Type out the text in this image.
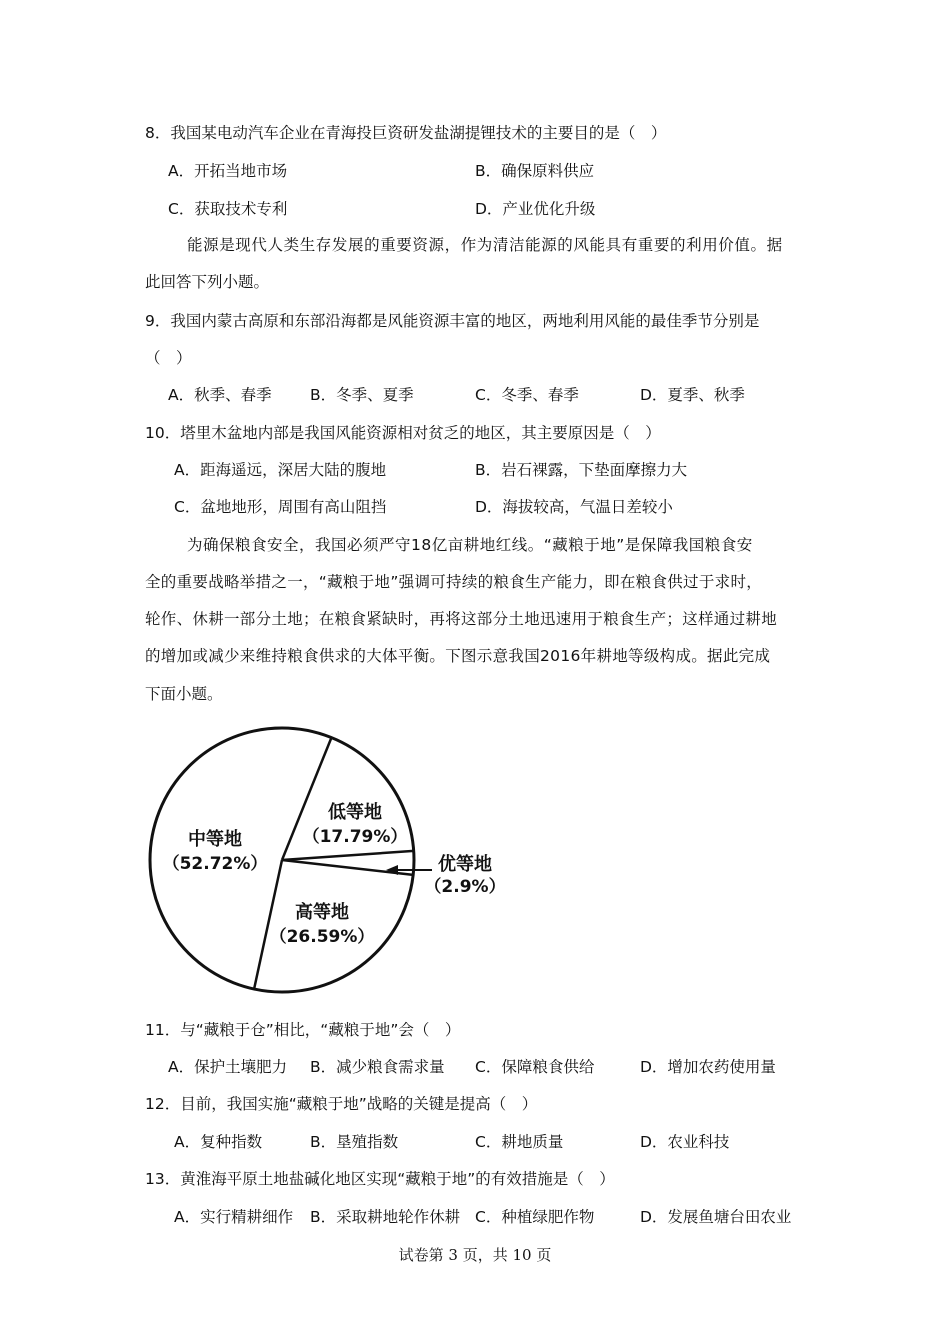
8．我国某电动汽车企业在青海投巨资研发盐湖提锂技术的主要目的是（　）
A．开拓当地市场	B．确保原料供应
C．获取技术专利	D．产业优化升级
能源是现代人类生存发展的重要资源，作为清洁能源的风能具有重要的利用价值。据
此回答下列小题。
9．我国内蒙古高原和东部沿海都是风能资源丰富的地区，两地利用风能的最佳季节分别是
（　）
A．秋季、春季 B．冬季、夏季	C．冬季、春季	D．夏季、秋季
10．塔里木盆地内部是我国风能资源相对贫乏的地区，其主要原因是（　）
A．距海遥远，深居大陆的腹地	B．岩石裸露，下垫面摩擦力大
C．盆地地形，周围有高山阻挡	D．海拔较高，气温日差较小
为确保粮食安全，我国必须严守18亿亩耕地红线。“藏粮于地”是保障我国粮食安
全的重要战略举措之一，“藏粮于地”强调可持续的粮食生产能力，即在粮食供过于求时，
轮作、休耕一部分土地；在粮食紧缺时，再将这部分土地迅速用于粮食生产；这样通过耕地
的增加或减少来维持粮食供求的大体平衡。下图示意我国2016年耕地等级构成。据此完成
下面小题。
低等地
（17.79%）
中等地
（52.72%）
高等地
（26.59%）
优等地
（2.9%）
11．与“藏粮于仓”相比，“藏粮于地”会（　）
A．保护土壤肥力 B．减少粮食需求量 C．保障粮食供给	D．增加农药使用量
12．目前，我国实施“藏粮于地”战略的关键是提高（　）
A．复种指数	B．垦殖指数	C．耕地质量	D．农业科技
13．黄淮海平原土地盐碱化地区实现“藏粮于地”的有效措施是（　）
A．实行精耕细作 B．采取耕地轮作休耕 C．种植绿肥作物	D．发展鱼塘台田农业
试卷第 3 页，共 10 页
